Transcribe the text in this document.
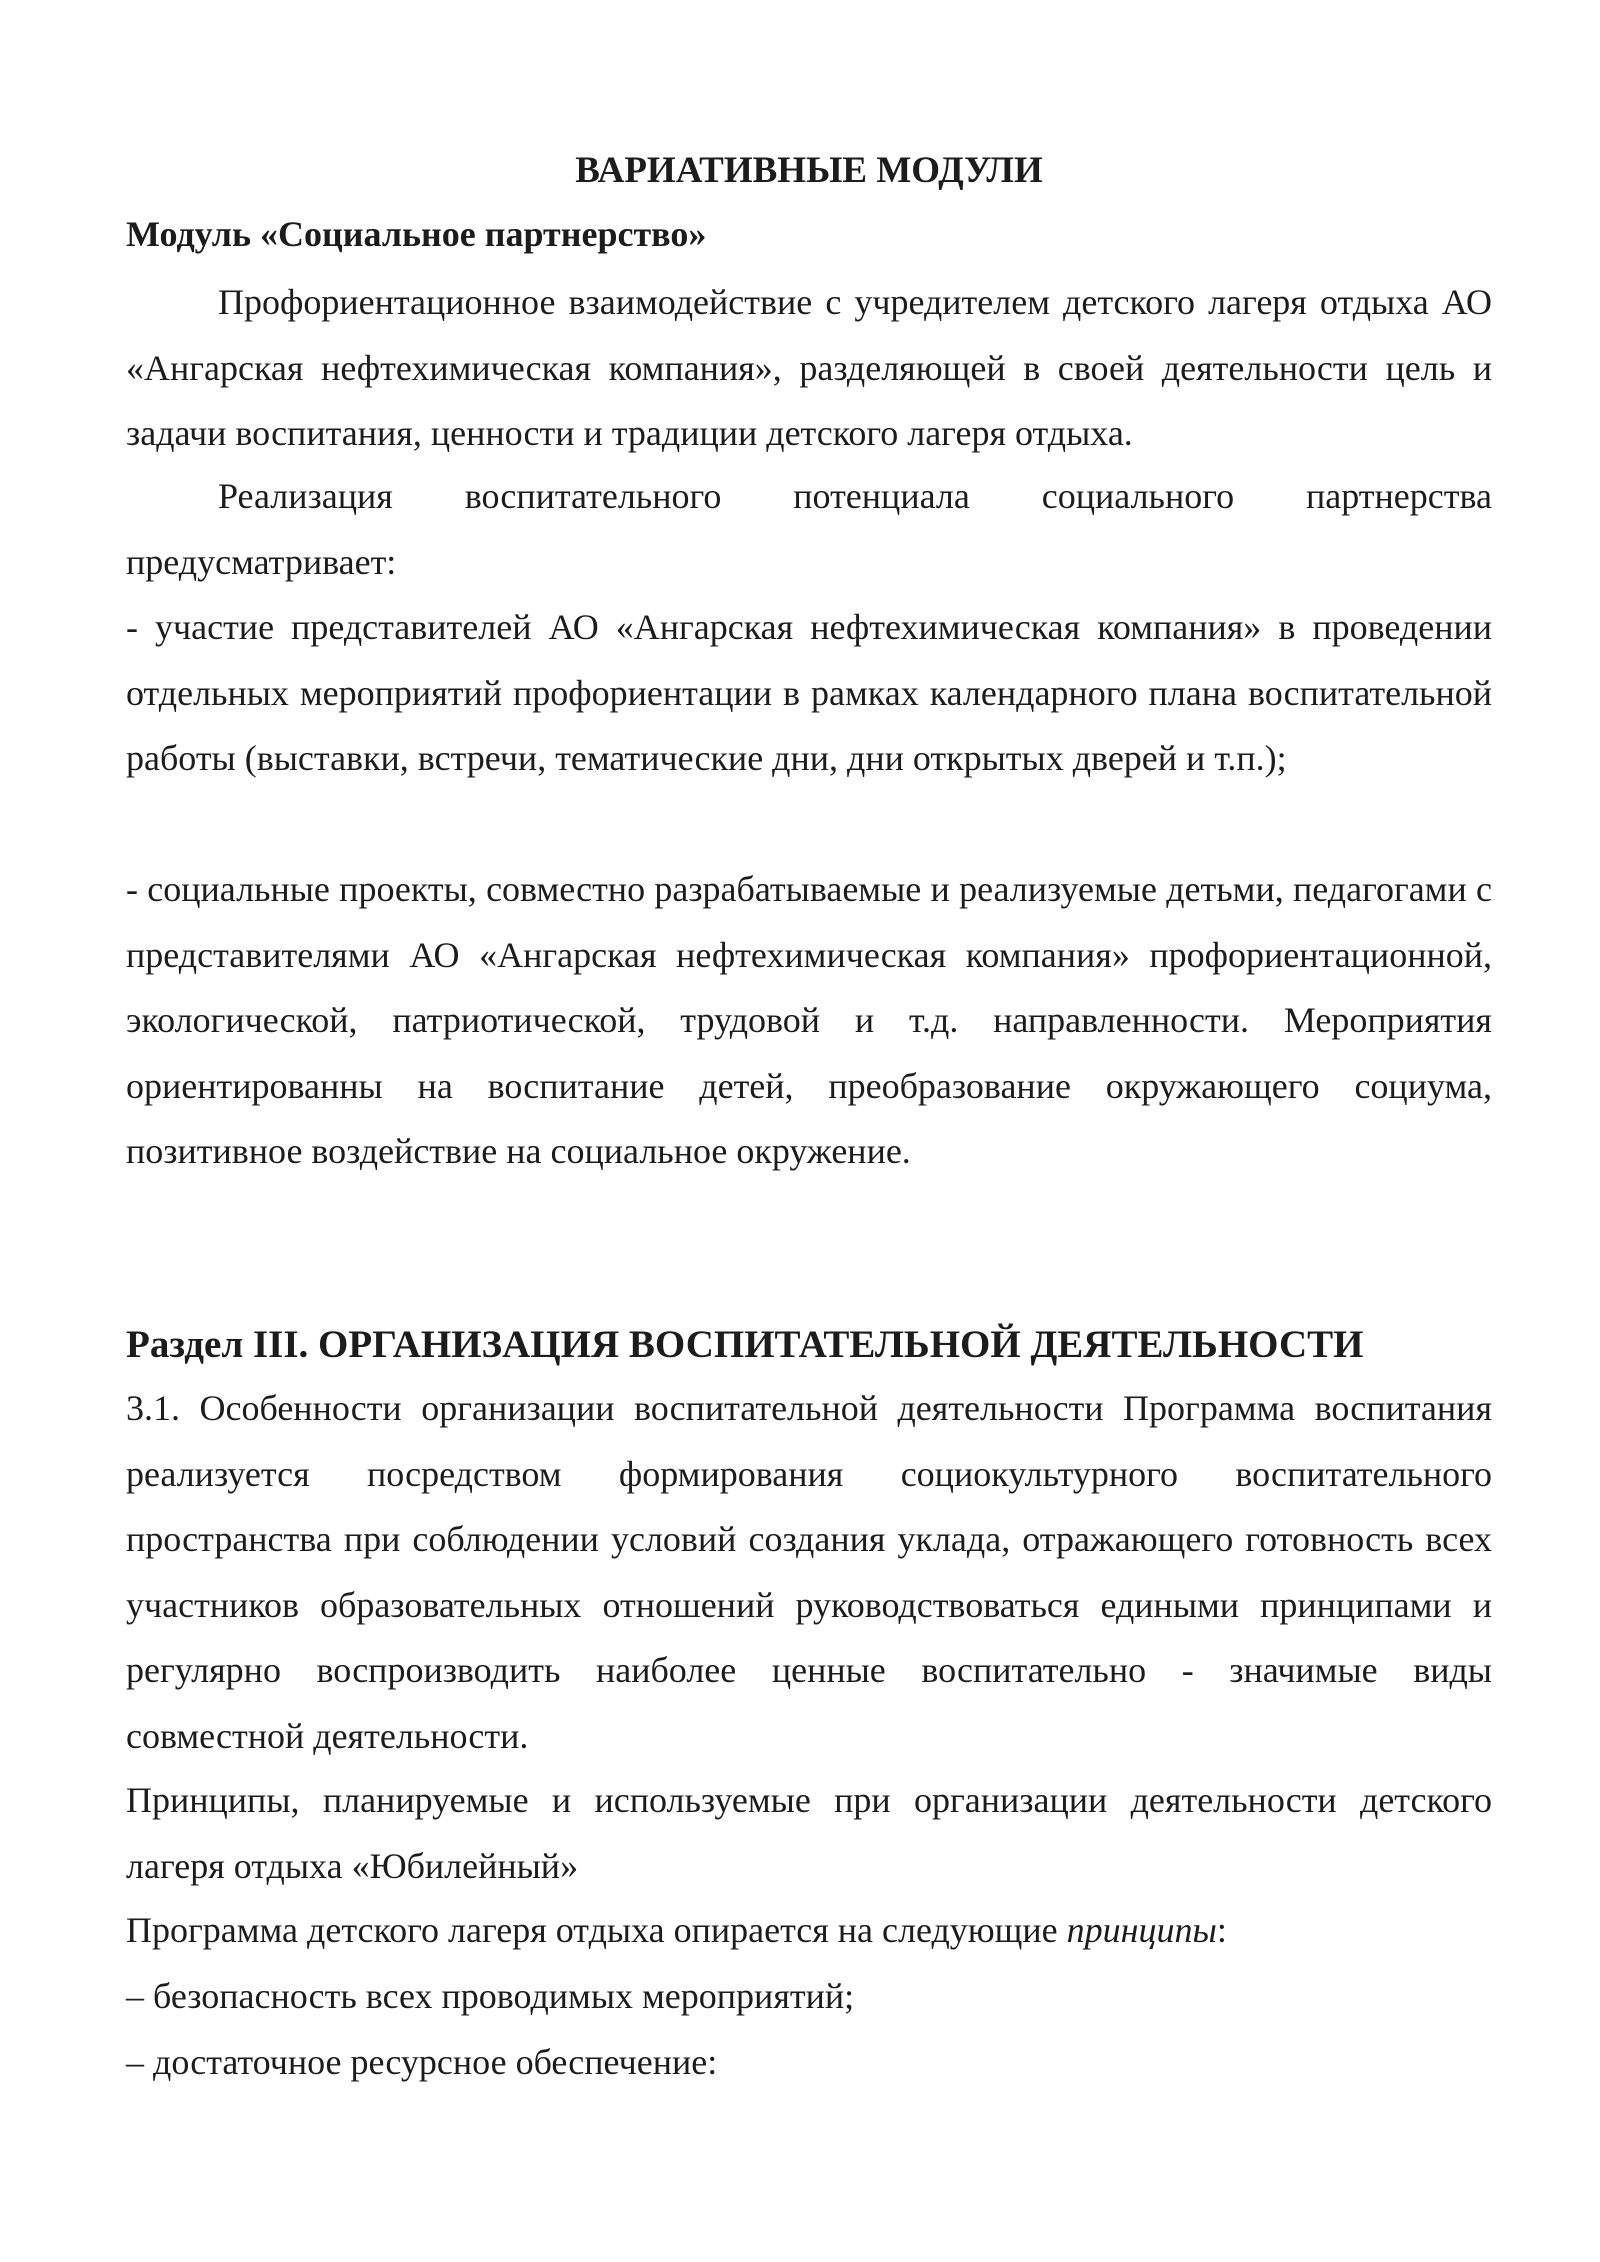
ВАРИАТИВНЫЕ МОДУЛИ
Модуль «Социальное партнерство»

Профориентационное взаимодействие с учредителем детского лагеря отдыха АО «Ангарская нефтехимическая компания», разделяющей в своей деятельности цель и задачи воспитания, ценности и традиции детского лагеря отдыха.

Реализация воспитательного потенциала социального партнерства

предусматривает:

- участие представителей АО «Ангарская нефтехимическая компания» в проведении отдельных мероприятий профориентации в рамках календарного плана воспитательной работы (выставки, встречи, тематические дни, дни открытых дверей и т.п.);

- социальные проекты, совместно разрабатываемые и реализуемые детьми, педагогами с представителями АО «Ангарская нефтехимическая компания» профориентационной, экологической, патриотической, трудовой и т.д. направленности. Мероприятия ориентированны на воспитание детей, преобразование окружающего социума, позитивное воздействие на социальное окружение.

Раздел III. ОРГАНИЗАЦИЯ ВОСПИТАТЕЛЬНОЙ ДЕЯТЕЛЬНОСТИ

3.1. Особенности организации воспитательной деятельности Программа воспитания реализуется посредством формирования социокультурного воспитательного пространства при соблюдении условий создания уклада, отражающего готовность всех участников образовательных отношений руководствоваться едиными принципами и регулярно воспроизводить наиболее ценные воспитательно - значимые виды совместной деятельности.

Принципы, планируемые и используемые при организации деятельности детского лагеря отдыха «Юбилейный»

Программа детского лагеря отдыха опирается на следующие принципы:

– безопасность всех проводимых мероприятий;

– достаточное ресурсное обеспечение:
